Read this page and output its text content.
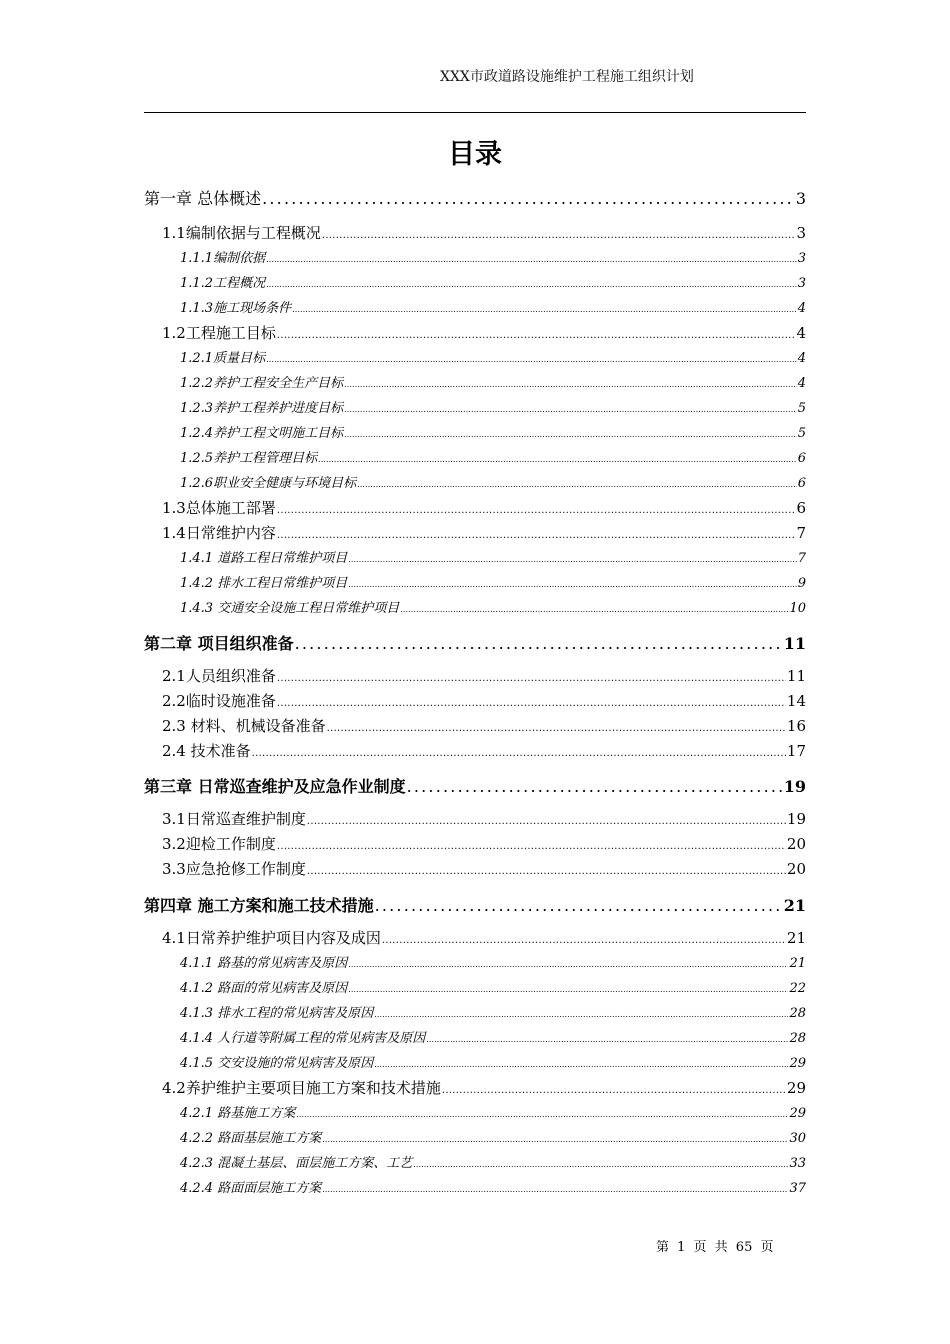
XXX市政道路设施维护工程施工组织计划
目录
第一章 总体概述 .....	3
1.1编制依据与工程概况 .....	3
1.1.1编制依据 .....	3
1.1.2工程概况 .....	3
1.1.3施工现场条件 .....	4
1.2工程施工目标 .....	4
1.2.1质量目标 .....	4
1.2.2养护工程安全生产目标 .....	4
1.2.3养护工程养护进度目标 .....	5
1.2.4养护工程文明施工目标 .....	5
1.2.5养护工程管理目标 .....	6
1.2.6职业安全健康与环境目标 .....	6
1.3总体施工部署 .....	6
1.4日常维护内容 .....	7
1.4.1 道路工程日常维护项目 .....	7
1.4.2 排水工程日常维护项目 .....	9
1.4.3 交通安全设施工程日常维护项目 .....	10
第二章 项目组织准备 .....	11
2.1人员组织准备 .....	11
2.2临时设施准备 .....	14
2.3 材料、机械设备准备 .....	16
2.4 技术准备 .....	17
第三章 日常巡查维护及应急作业制度 .....	19
3.1日常巡查维护制度 .....	19
3.2迎检工作制度 .....	20
3.3应急抢修工作制度 .....	20
第四章 施工方案和施工技术措施 .....	21
4.1日常养护维护项目内容及成因 .....	21
4.1.1 路基的常见病害及原因 .....	21
4.1.2 路面的常见病害及原因 .....	22
4.1.3 排水工程的常见病害及原因 .....	28
4.1.4 人行道等附属工程的常见病害及原因 .....	28
4.1.5 交安设施的常见病害及原因 .....	29
4.2养护维护主要项目施工方案和技术措施 .....	29
4.2.1 路基施工方案 .....	29
4.2.2 路面基层施工方案 .....	30
4.2.3 混凝土基层、面层施工方案、工艺 .....	33
4.2.4 路面面层施工方案 .....	37
第 1 页 共 65 页
